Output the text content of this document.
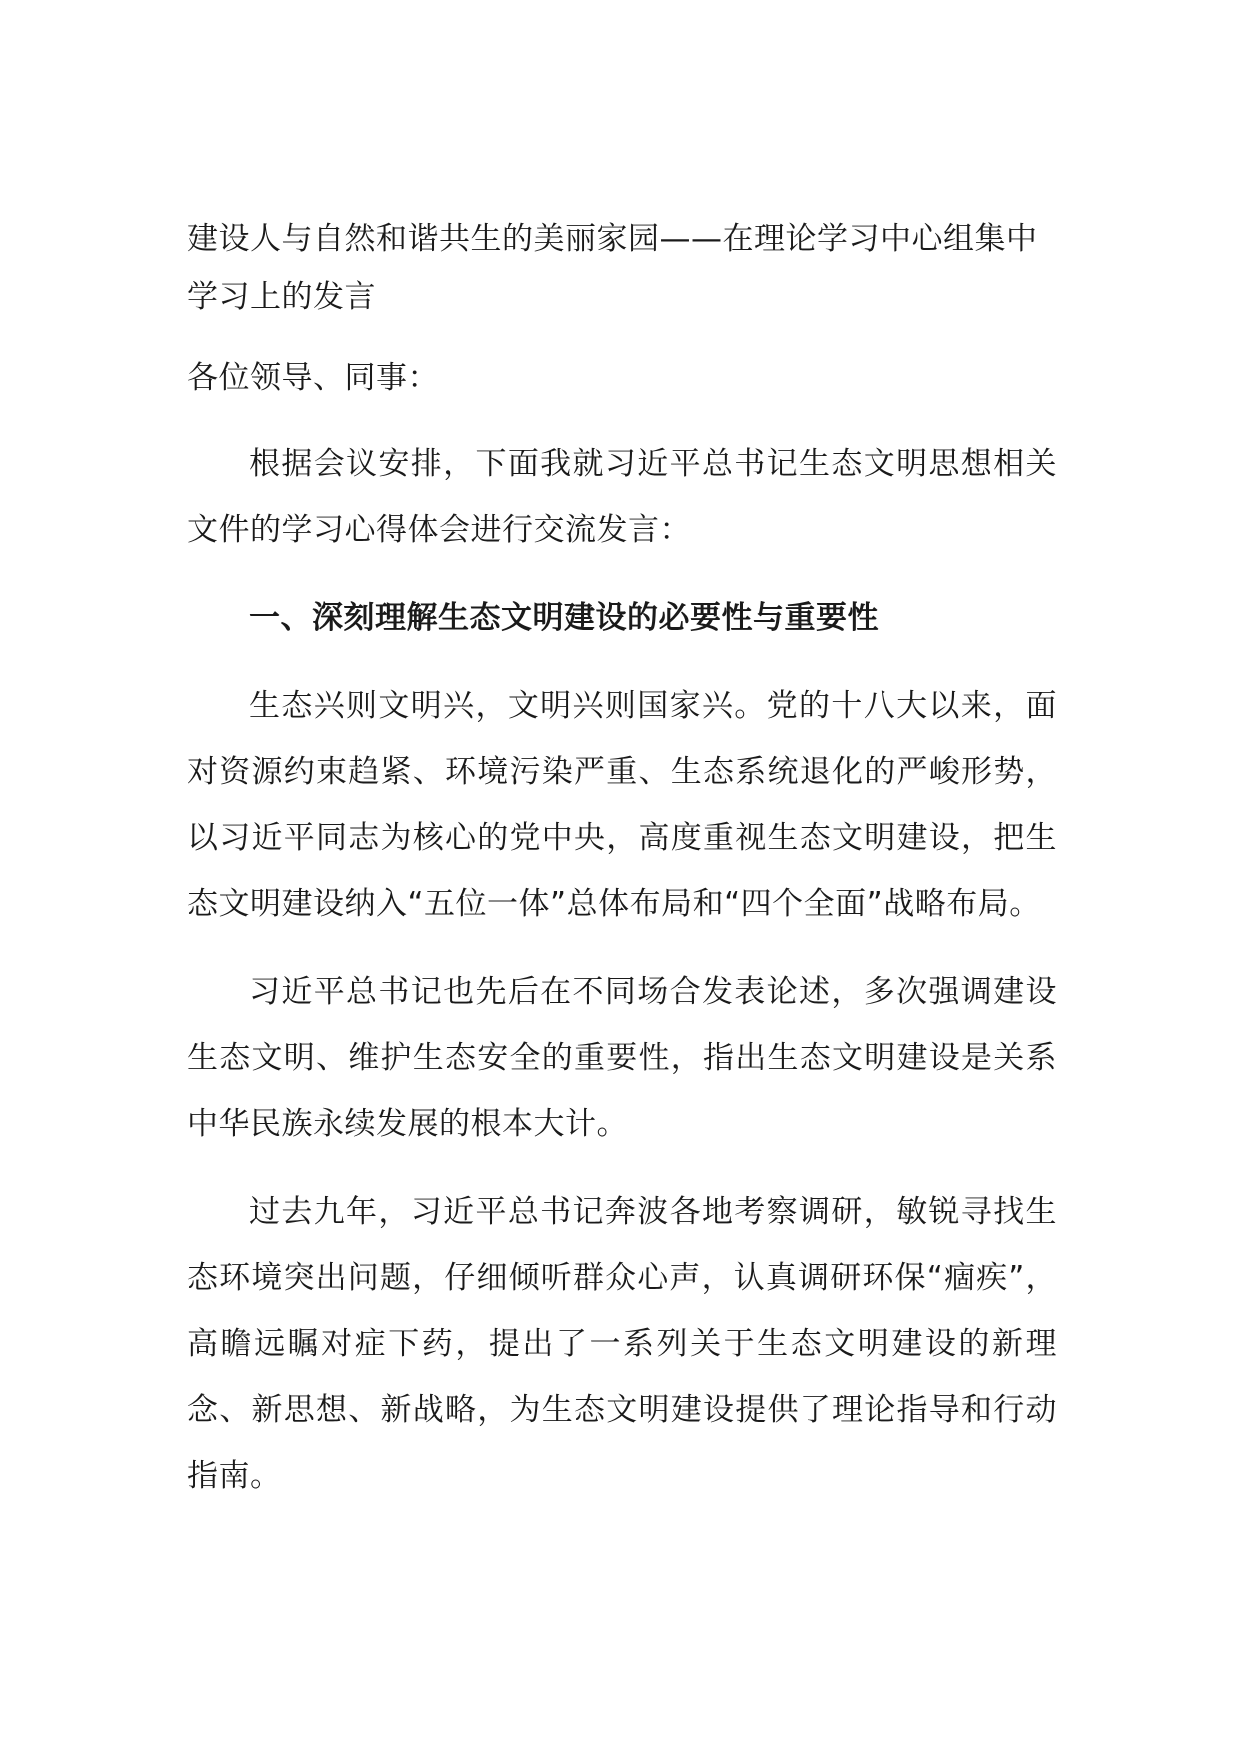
建设人与自然和谐共生的美丽家园——在理论学习中心组集中学习上的发言

各位领导、同事：

根据会议安排，下面我就习近平总书记生态文明思想相关文件的学习心得体会进行交流发言：

一、深刻理解生态文明建设的必要性与重要性

生态兴则文明兴，文明兴则国家兴。党的十八大以来，面对资源约束趋紧、环境污染严重、生态系统退化的严峻形势，以习近平同志为核心的党中央，高度重视生态文明建设，把生态文明建设纳入“五位一体”总体布局和“四个全面”战略布局。

习近平总书记也先后在不同场合发表论述，多次强调建设生态文明、维护生态安全的重要性，指出生态文明建设是关系中华民族永续发展的根本大计。

过去九年，习近平总书记奔波各地考察调研，敏锐寻找生态环境突出问题，仔细倾听群众心声，认真调研环保“痼疾”，高瞻远瞩对症下药，提出了一系列关于生态文明建设的新理念、新思想、新战略，为生态文明建设提供了理论指导和行动指南。
